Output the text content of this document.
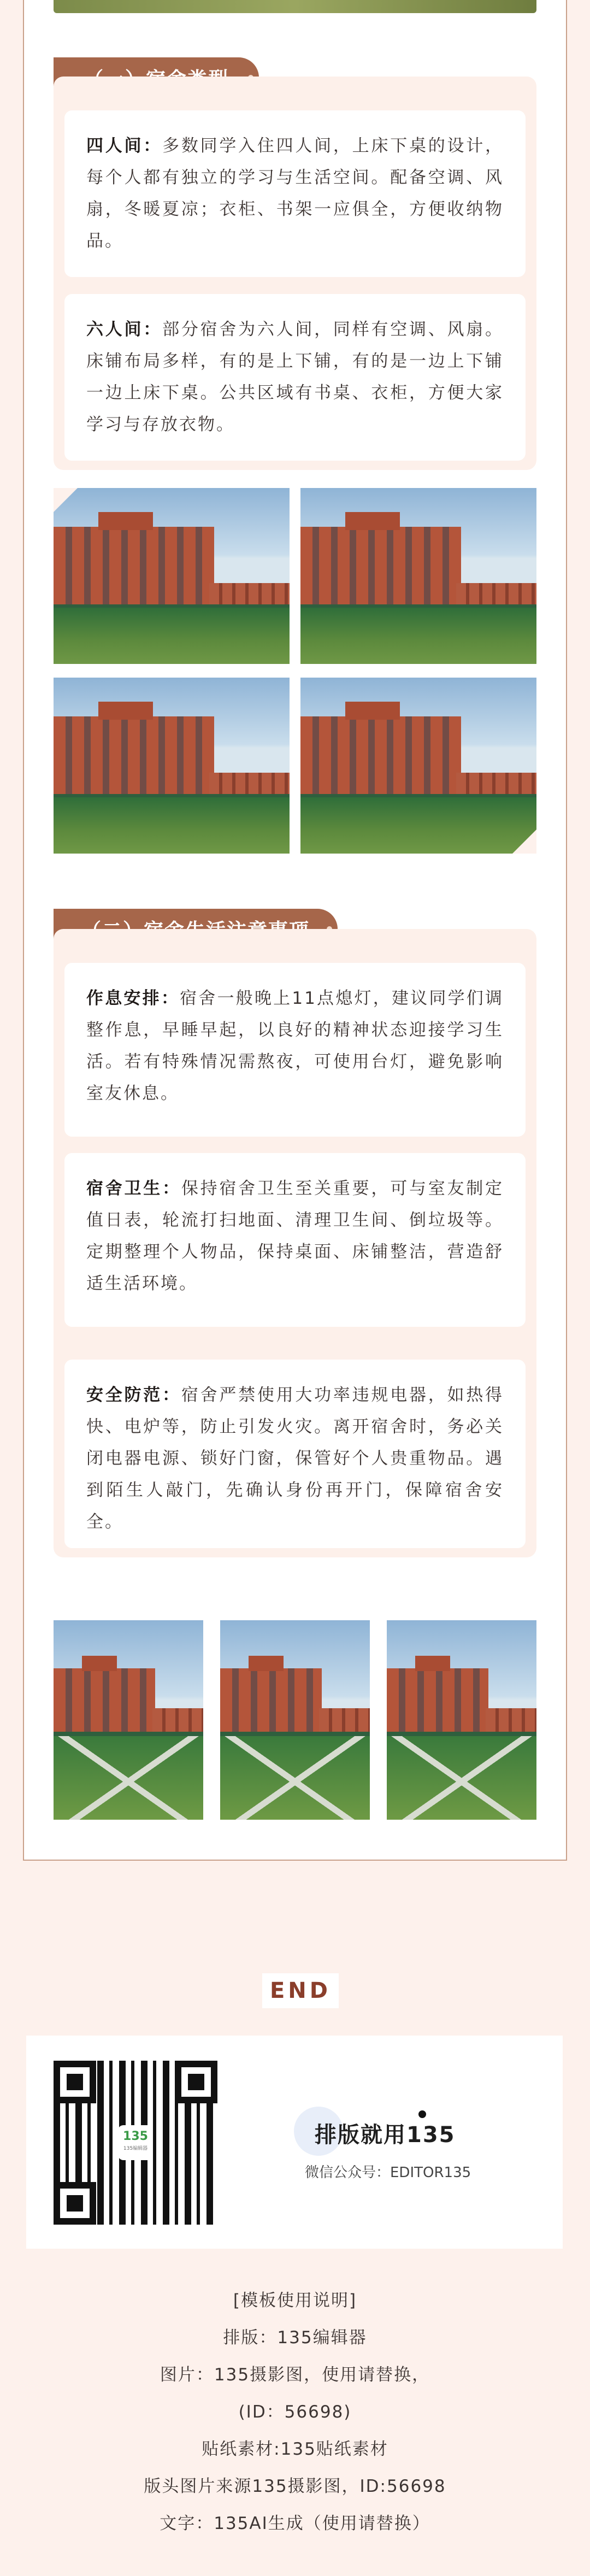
四人间：多数同学入住四人间，上床下桌的设计，每个人都有独立的学习与生活空间。配备空调、风扇，冬暖夏凉；衣柜、书架一应俱全，方便收纳物品。
六人间：部分宿舍为六人间，同样有空调、风扇。床铺布局多样，有的是上下铺，有的是一边上下铺一边上床下桌。公共区域有书桌、衣柜，方便大家学习与存放衣物。
作息安排：宿舍一般晚上11点熄灯，建议同学们调整作息，早睡早起，以良好的精神状态迎接学习生活。若有特殊情况需熬夜，可使用台灯，避免影响室友休息。
宿舍卫生：保持宿舍卫生至关重要，可与室友制定值日表，轮流打扫地面、清理卫生间、倒垃圾等。定期整理个人物品，保持桌面、床铺整洁，营造舒适生活环境。
安全防范：宿舍严禁使用大功率违规电器，如热得快、电炉等，防止引发火灾。离开宿舍时，务必关闭电器电源、锁好门窗，保管好个人贵重物品。遇到陌生人敲门，先确认身份再开门，保障宿舍安全。
END
135
135编辑器
排版就用135
微信公众号：EDITOR135
[模板使用说明]
排版：135编辑器
图片：135摄影图，使用请替换，
(ID：56698)
贴纸素材:135贴纸素材
版头图片来源135摄影图，ID:56698
文字：135AI生成（使用请替换）
